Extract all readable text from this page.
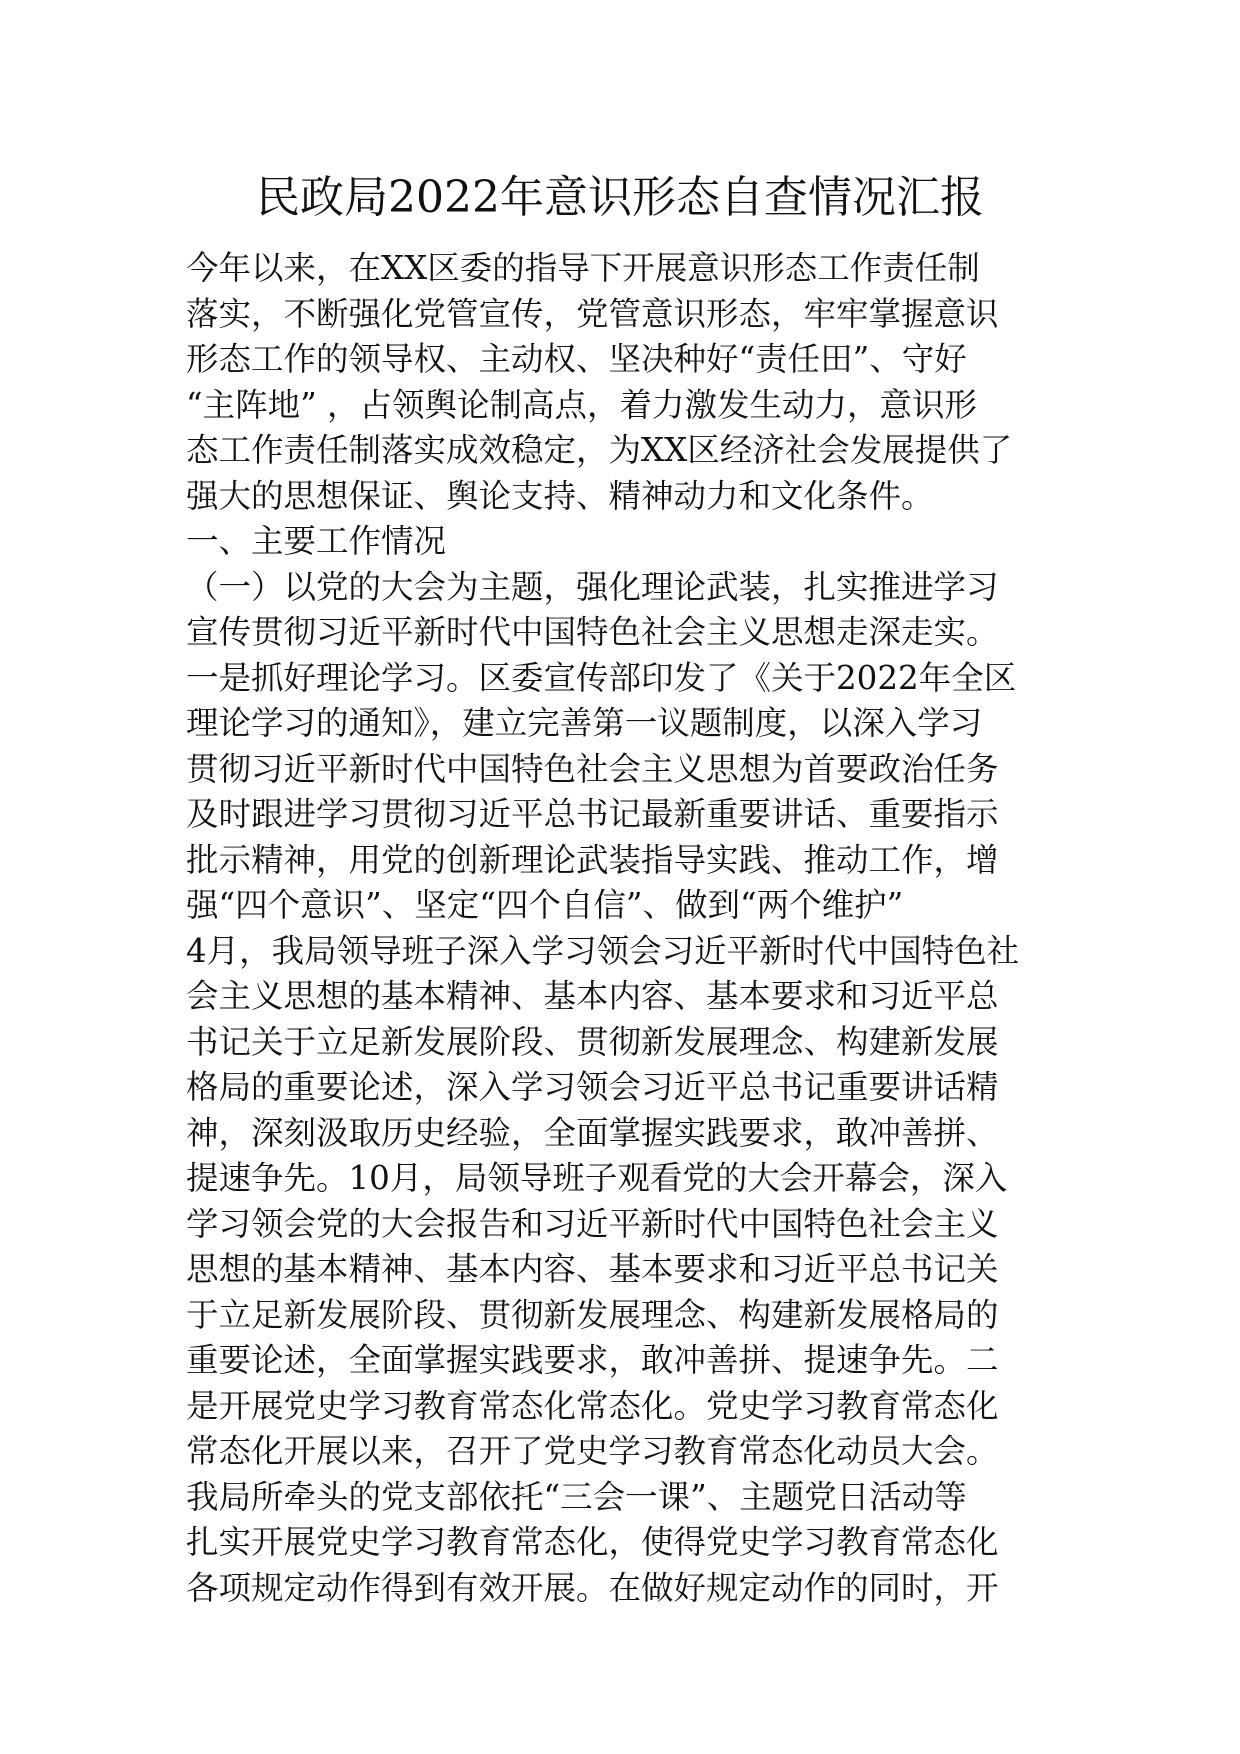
民政局2022年意识形态自查情况汇报
今年以来，在XX区委的指导下开展意识形态工作责任制
落实，不断强化党管宣传，党管意识形态，牢牢掌握意识
形态工作的领导权、主动权、坚决种好“责任田”、守好
“主阵地” ，占领舆论制高点，着力激发生动力，意识形
态工作责任制落实成效稳定，为XX区经济社会发展提供了
强大的思想保证、舆论支持、精神动力和文化条件。
一、主要工作情况
（一）以党的大会为主题，强化理论武装，扎实推进学习
宣传贯彻习近平新时代中国特色社会主义思想走深走实。
一是抓好理论学习。区委宣传部印发了《关于2022年全区
理论学习的通知》，建立完善第一议题制度，以深入学习
贯彻习近平新时代中国特色社会主义思想为首要政治任务
及时跟进学习贯彻习近平总书记最新重要讲话、重要指示
批示精神，用党的创新理论武装指导实践、推动工作，增
强“四个意识”、坚定“四个自信”、做到“两个维护”
4月，我局领导班子深入学习领会习近平新时代中国特色社
会主义思想的基本精神、基本内容、基本要求和习近平总
书记关于立足新发展阶段、贯彻新发展理念、构建新发展
格局的重要论述，深入学习领会习近平总书记重要讲话精
神，深刻汲取历史经验，全面掌握实践要求，敢冲善拼、
提速争先。10月，局领导班子观看党的大会开幕会，深入
学习领会党的大会报告和习近平新时代中国特色社会主义
思想的基本精神、基本内容、基本要求和习近平总书记关
于立足新发展阶段、贯彻新发展理念、构建新发展格局的
重要论述，全面掌握实践要求，敢冲善拼、提速争先。二
是开展党史学习教育常态化常态化。党史学习教育常态化
常态化开展以来，召开了党史学习教育常态化动员大会。
我局所牵头的党支部依托“三会一课”、主题党日活动等
扎实开展党史学习教育常态化，使得党史学习教育常态化
各项规定动作得到有效开展。在做好规定动作的同时，开
